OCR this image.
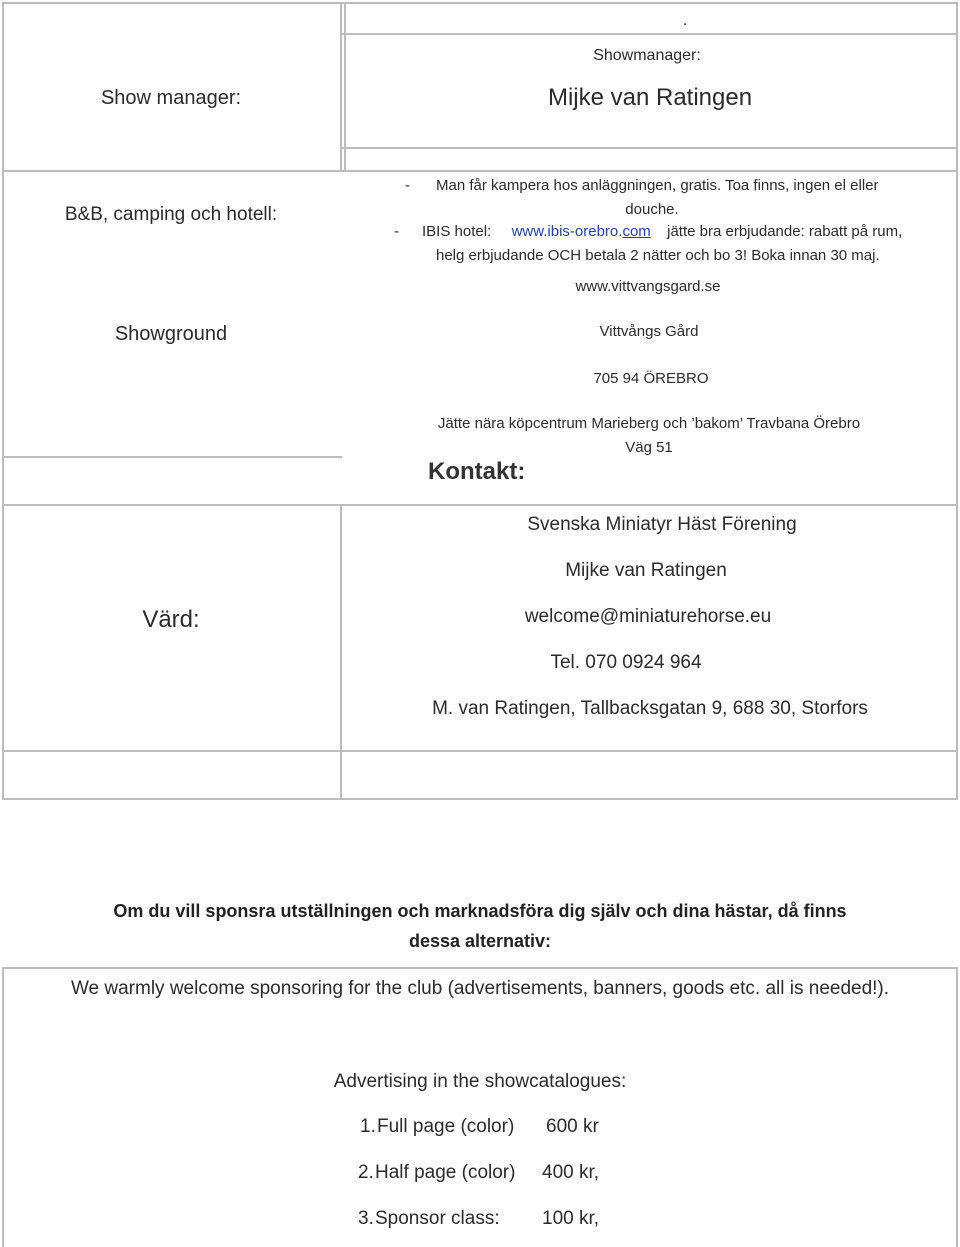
.
Show manager:
Showmanager:
Mijke van Ratingen
B&B, camping och hotell:
- Man får kampera hos anläggningen, gratis. Toa finns, ingen el eller
douche.
- IBIS hotel: www.ibis-orebro.com jätte bra erbjudande: rabatt på rum,
helg erbjudande OCH betala 2 nätter och bo 3! Boka innan 30 maj.
www.vittvangsgard.se
Showground	Vittvångs Gård
705 94 ÖREBRO
Jätte nära köpcentrum Marieberg och ’bakom’ Travbana Örebro
Väg 51
Kontakt:
Värd:
Svenska Miniatyr Häst Förening
Mijke van Ratingen
welcome@miniaturehorse.eu
Tel. 070 0924 964
M. van Ratingen, Tallbacksgatan 9, 688 30, Storfors
Om du vill sponsra utställningen och marknadsföra dig själv och dina hästar, då finns
dessa alternativ:
We warmly welcome sponsoring for the club (advertisements, banners, goods etc. all is needed!).
Advertising in the showcatalogues:
1. Full page (color) 600 kr
2. Half page (color) 400 kr,
3. Sponsor class: 100 kr,
